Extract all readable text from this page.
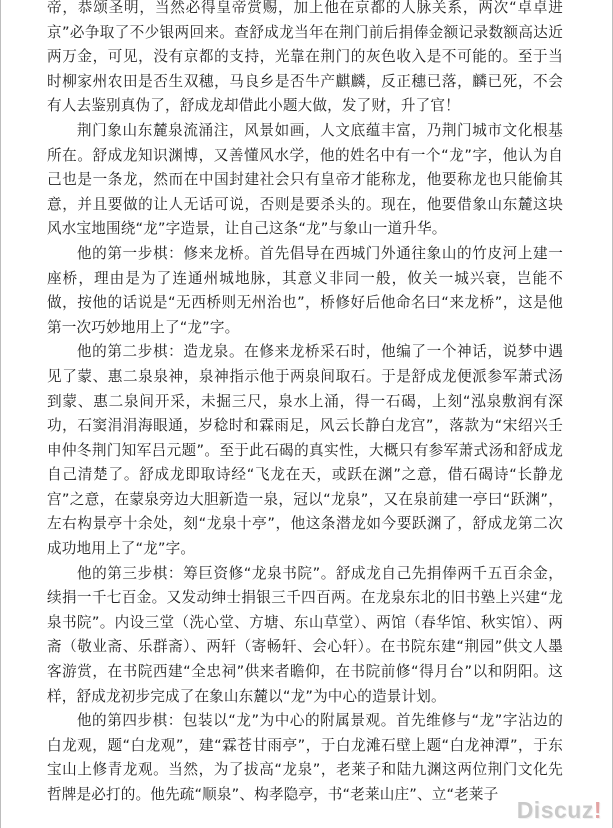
帝，恭颂圣明，当然必得皇帝赏赐，加上他在京都的人脉关系，两次“卓卓进京”必争取了不少银两回来。查舒成龙当年在荆门前后捐俸金额记录数额高达近两万金，可见，没有京都的支持，光靠在荆门的灰色收入是不可能的。至于当时柳家州农田是否生双穗，马良乡是否牛产麒麟，反正穗已落，麟已死，不会有人去鉴别真伪了，舒成龙却借此小题大做，发了财，升了官！

荆门象山东麓泉流涌注，风景如画，人文底蕴丰富，乃荆门城市文化根基所在。舒成龙知识渊博，又善懂风水学，他的姓名中有一个“龙”字，他认为自己也是一条龙，然而在中国封建社会只有皇帝才能称龙，他要称龙也只能偷其意，并且要做的让人无话可说，否则是要杀头的。现在，他要借象山东麓这块风水宝地围绕“龙”字造景，让自己这条“龙”与象山一道升华。

他的第一步棋：修来龙桥。首先倡导在西城门外通往象山的竹皮河上建一座桥，理由是为了连通州城地脉，其意义非同一般，攸关一城兴衰，岂能不做，按他的话说是“无西桥则无州治也”，桥修好后他命名曰“来龙桥”，这是他第一次巧妙地用上了“龙”字。

他的第二步棋：造龙泉。在修来龙桥采石时，他编了一个神话，说梦中遇见了蒙、惠二泉泉神，泉神指示他于两泉间取石。于是舒成龙便派参军萧式汤到蒙、惠二泉间开采，未掘三尺，泉水上涌，得一石碣，上刻“泓泉敷润有深功，石窦涓涓海眼通，岁稔时和霖雨足，风云长静白龙宫”，落款为“宋绍兴壬申仲冬荆门知军吕元题”。至于此石碣的真实性，大概只有参军萧式汤和舒成龙自己清楚了。舒成龙即取诗经“飞龙在天，或跃在渊”之意，借石碣诗“长静龙宫”之意，在蒙泉旁边大胆新造一泉，冠以“龙泉”，又在泉前建一亭曰“跃渊”，左右构景亭十余处，刻“龙泉十亭”，他这条潜龙如今要跃渊了，舒成龙第二次成功地用上了“龙”字。

他的第三步棋：筹巨资修“龙泉书院”。舒成龙自己先捐俸两千五百余金，续捐一千七百金。又发动绅士捐银三千四百两。在龙泉东北的旧书塾上兴建“龙泉书院”。内设三堂（洗心堂、方塘、东山草堂）、两馆（春华馆、秋实馆）、两斋（敬业斋、乐群斋）、两轩（寄畅轩、会心轩）。在书院东建“荆园”供文人墨客游赏，在书院西建“全忠祠”供来者瞻仰，在书院前修“得月台”以和阴阳。这样，舒成龙初步完成了在象山东麓以“龙”为中心的造景计划。

他的第四步棋：包装以“龙”为中心的附属景观。首先维修与“龙”字沾边的白龙观，题“白龙观”，建“霖苍甘雨亭”，于白龙滩石壁上题“白龙神潭”，于东宝山上修青龙观。当然，为了拔高“龙泉”，老莱子和陆九渊这两位荆门文化先哲牌是必打的。他先疏“顺泉”、构孝隐亭，书“老莱山庄”、立“老莱子

Discuz!
